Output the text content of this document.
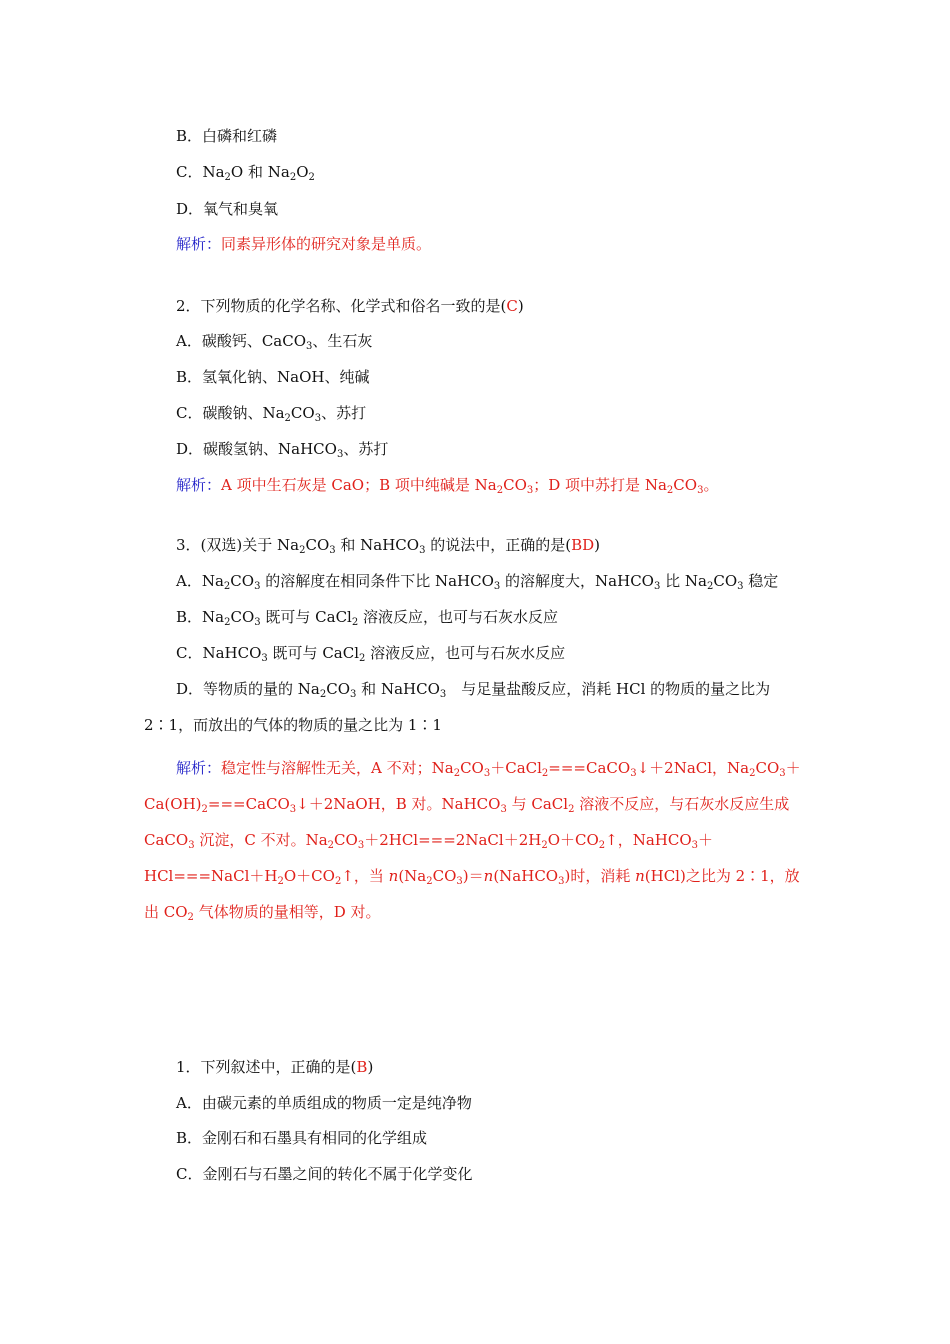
B．白磷和红磷
C．$Na_2O$ 和 $Na_2O_2$
D．氧气和臭氧
解析：同素异形体的研究对象是单质。
2．下列物质的化学名称、化学式和俗名一致的是(C)
A．碳酸钙、CaCO$_3$、生石灰
B．氢氧化钠、NaOH、纯碱
C．碳酸钠、$Na_2CO_3$、苏打
D．碳酸氢钠、NaHCO$_3$、苏打
解析：A 项中生石灰是 CaO；B 项中纯碱是 $Na_2CO_3$；D 项中苏打是 $Na_2CO_3$。
3．(双选)关于 $Na_2CO_3$ 和 NaHCO$_3$ 的说法中，正确的是(BD)
A．$Na_2CO_3$ 的溶解度在相同条件下比 NaHCO$_3$ 的溶解度大，NaHCO$_3$ 比 $Na_2CO_3$ 稳定
B．$Na_2CO_3$ 既可与 CaCl$_2$ 溶液反应，也可与石灰水反应
C．NaHCO$_3$ 既可与 CaCl$_2$ 溶液反应，也可与石灰水反应
D．等物质的量的 $Na_2CO_3$ 和 NaHCO$_3$　与足量盐酸反应，消耗 HCl 的物质的量之比为 2∶1，而放出的气体的物质的量之比为 1∶1
解析：稳定性与溶解性无关，A 不对；$Na_2CO_3+CaCl_2===CaCO_3↓+2NaCl$，$Na_2CO_3+Ca(OH)_2===CaCO_3↓+2NaOH$，B 对。NaHCO$_3$ 与 CaCl$_2$ 溶液不反应，与石灰水反应生成 CaCO$_3$ 沉淀，C 不对。$Na_2CO_3+2HCl===2NaCl+2H_2O+CO_2↑$，$NaHCO_3+HCl===NaCl+H_2O+CO_2↑$，当 $n(Na_2CO_3)=n(NaHCO_3)$时，消耗 n(HCl)之比为 2∶1，放出 $CO_2$ 气体物质的量相等，D 对。
1．下列叙述中，正确的是(B)
A．由碳元素的单质组成的物质一定是纯净物
B．金刚石和石墨具有相同的化学组成
C．金刚石与石墨之间的转化不属于化学变化
